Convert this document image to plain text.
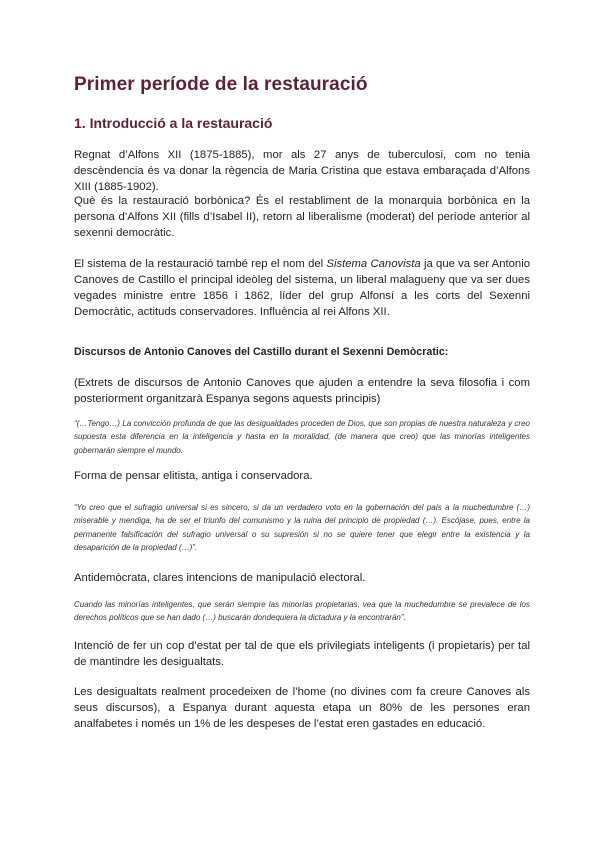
Primer període de la restauració
1. Introducció a la restauració

Regnat d’Alfons XII (1875-1885), mor als 27 anys de tuberculosi, com no tenia descèndencia és va donar la règencia de Maria Cristina que estava embaraçada d’Alfons XIII (1885-1902).

Què és la restauració borbònica? És el restabliment de la monarquia borbònica en la persona d’Alfons XII (fills d’Isabel II), retorn al liberalisme (moderat) del període anterior al sexenni democràtic.

El sistema de la restauració també rep el nom del Sistema Canovista ja que va ser Antonio Canoves de Castillo el principal ideòleg del sistema, un liberal malagueny que va ser dues vegades ministre entre 1856 i 1862, líder del grup Alfonsí a les corts del Sexenni Democràtic, actituds conservadores. Influència al rei Alfons XII.

Discursos de Antonio Canoves del Castillo durant el Sexenni Demòcratic:

(Extrets de discursos de Antonio Canoves que ajuden a entendre la seva filosofia i com posteriorment organitzarà Espanya segons aquests principis)

“(…Tengo…) La convicción profunda de que las desigualdades proceden de Dios, que son propias de nuestra naturaleza y creo supuesta esta diferencia en la inteligencia y hasta en la moralidad, (de manera que creo) que las minorías inteligentes gobernarán siempre el mundo.

Forma de pensar elitista, antiga i conservadora.

“Yo creo que el sufragio universal si es sincero, si da un verdadero voto en la gobernación del país a la muchedumbre (…) miserable y mendiga, ha de ser el triunfo del comunismo y la ruina del principio de propiedad (…). Escójase, pues, entre la permanente falsificación del sufragio universal o su supresión si no se quiere tener que elegir entre la existencia y la desaparición de la propiedad (…)”.

Antidemòcrata, clares intencions de manipulació electoral.

Cuando las minorías inteligentes, que serán siempre las minorías propietarias, vea que la muchedumbre se prevalece de los derechos políticos que se han dado (…) buscarán dondequiera la dictadura y la encontrarán”.

Intenció de fer un cop d’estat per tal de que els privilegiats inteligents (i propietaris) per tal de mantindre les desigualtats.

Les desigualtats realment procedeixen de l’home (no divines com fa creure Canoves als seus discursos), a Espanya durant aquesta etapa un 80% de les persones eran analfabetes i només un 1% de les despeses de l’estat eren gastades en educació.
